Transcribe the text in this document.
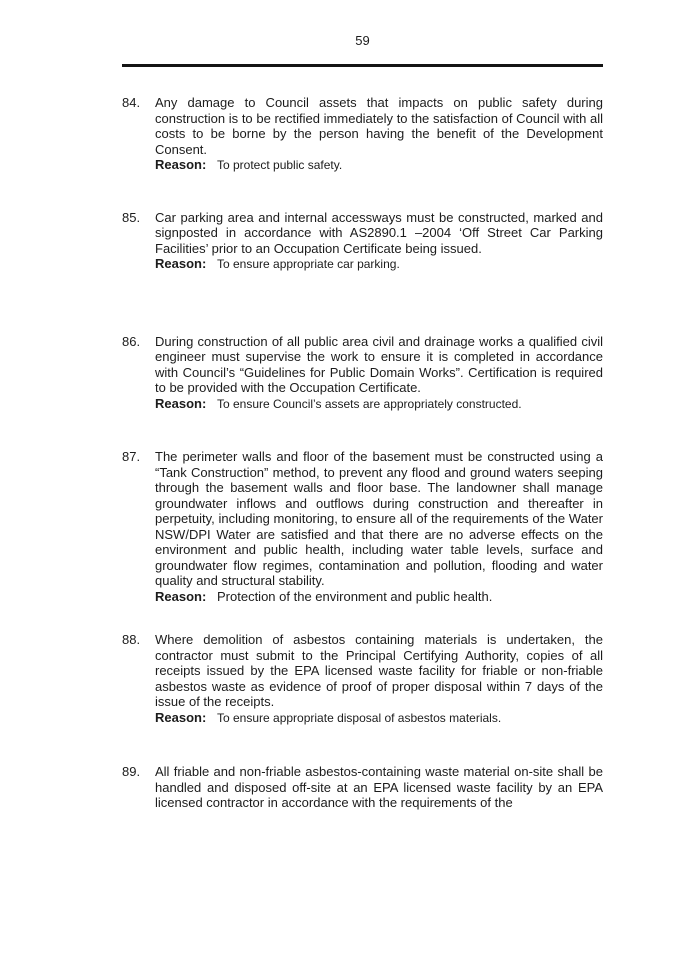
59
84.	Any damage to Council assets that impacts on public safety during construction is to be rectified immediately to the satisfaction of Council with all costs to be borne by the person having the benefit of the Development Consent.

Reason: To protect public safety.

85.	Car parking area and internal accessways must be constructed, marked and signposted in accordance with AS2890.1 –2004 ‘Off Street Car Parking Facilities’ prior to an Occupation Certificate being issued.

Reason: To ensure appropriate car parking.

86.	During construction of all public area civil and drainage works a qualified civil engineer must supervise the work to ensure it is completed in accordance with Council’s “Guidelines for Public Domain Works”. Certification is required to be provided with the Occupation Certificate.

Reason: To ensure Council’s assets are appropriately constructed.

87.	The perimeter walls and floor of the basement must be constructed using a “Tank Construction” method, to prevent any flood and ground waters seeping through the basement walls and floor base. The landowner shall manage groundwater inflows and outflows during construction and thereafter in perpetuity, including monitoring, to ensure all of the requirements of the Water NSW/DPI Water are satisfied and that there are no adverse effects on the environment and public health, including water table levels, surface and groundwater flow regimes, contamination and pollution, flooding and water quality and structural stability.

Reason: Protection of the environment and public health.

88.	Where demolition of asbestos containing materials is undertaken, the contractor must submit to the Principal Certifying Authority, copies of all receipts issued by the EPA licensed waste facility for friable or non-friable asbestos waste as evidence of proof of proper disposal within 7 days of the issue of the receipts.

Reason: To ensure appropriate disposal of asbestos materials.

89.	All friable and non-friable asbestos-containing waste material on-site shall be handled and disposed off-site at an EPA licensed waste facility by an EPA licensed contractor in accordance with the requirements of the
